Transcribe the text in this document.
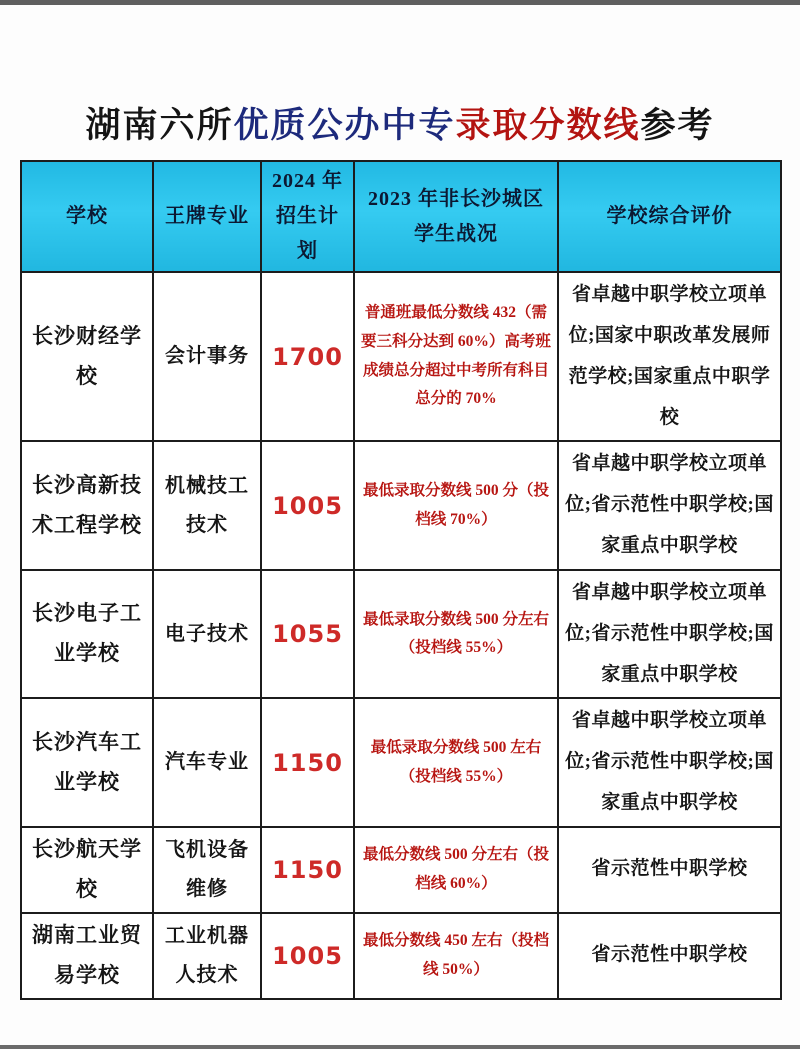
湖南六所优质公办中专录取分数线参考
学校	王牌专业	2024 年招生计划	2023 年非长沙城区学生战况	学校综合评价
长沙财经学校	会计事务	1700	普通班最低分数线 432（需要三科分达到 60%）高考班成绩总分超过中考所有科目总分的 70%	省卓越中职学校立项单位;国家中职改革发展师范学校;国家重点中职学校
长沙高新技术工程学校	机械技工技术	1005	最低录取分数线 500 分（投档线 70%）	省卓越中职学校立项单位;省示范性中职学校;国家重点中职学校
长沙电子工业学校	电子技术	1055	最低录取分数线 500 分左右（投档线 55%）	省卓越中职学校立项单位;省示范性中职学校;国家重点中职学校
长沙汽车工业学校	汽车专业	1150	最低录取分数线 500 左右（投档线 55%）	省卓越中职学校立项单位;省示范性中职学校;国家重点中职学校
长沙航天学校	飞机设备维修	1150	最低分数线 500 分左右（投档线 60%）	省示范性中职学校
湖南工业贸易学校	工业机器人技术	1005	最低分数线 450 左右（投档线 50%）	省示范性中职学校
